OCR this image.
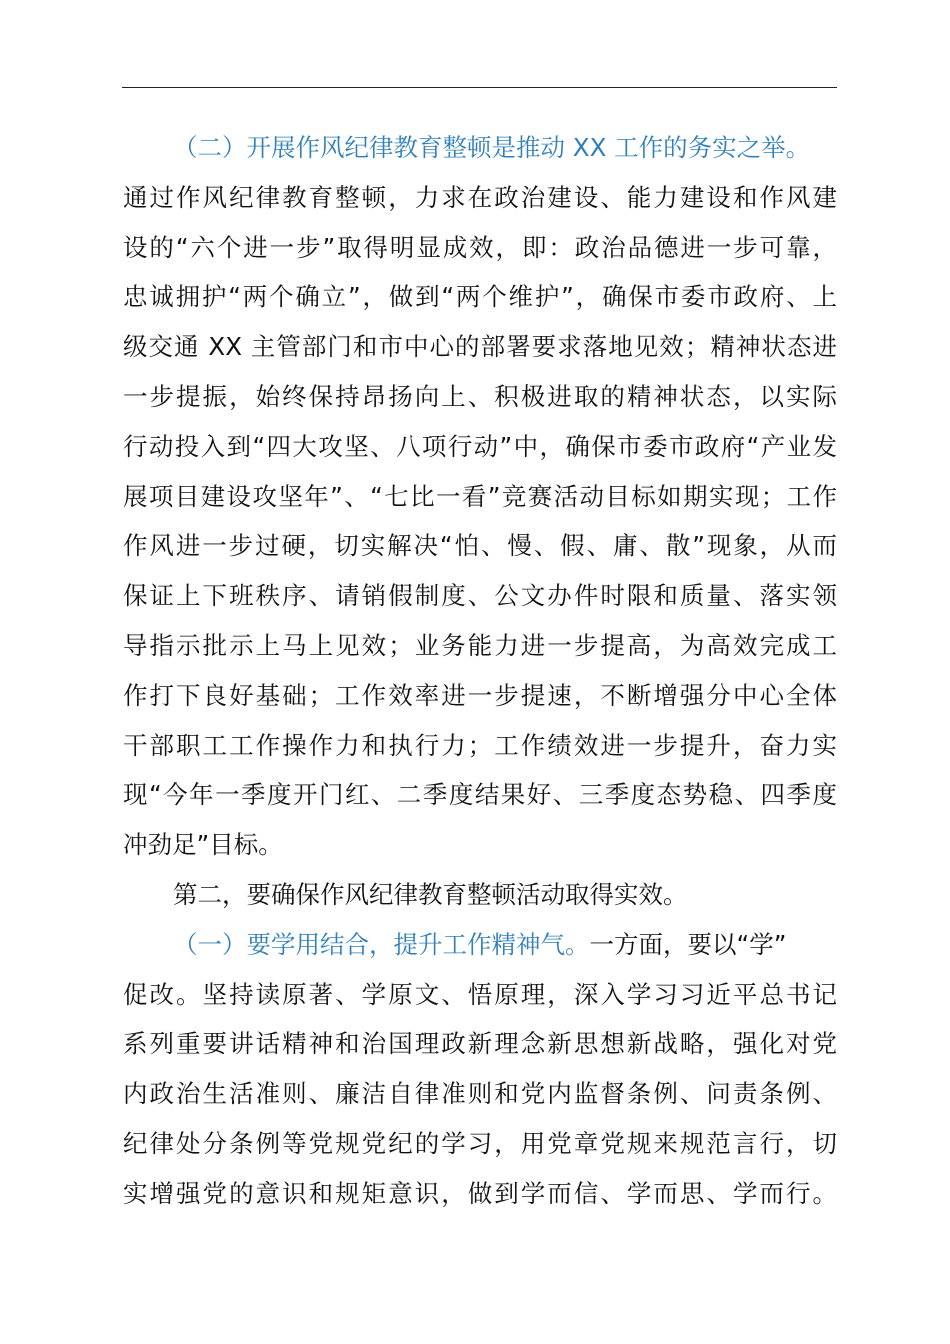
（二）开展作风纪律教育整顿是推动 XX 工作的务实之举。
通过作风纪律教育整顿，力求在政治建设、能力建设和作风建
设的“六个进一步”取得明显成效，即：政治品德进一步可靠，
忠诚拥护“两个确立”，做到“两个维护”，确保市委市政府、上
级交通 XX 主管部门和市中心的部署要求落地见效；精神状态进
一步提振，始终保持昂扬向上、积极进取的精神状态，以实际
行动投入到“四大攻坚、八项行动”中，确保市委市政府“产业发
展项目建设攻坚年”、“七比一看”竞赛活动目标如期实现；工作
作风进一步过硬，切实解决“怕、慢、假、庸、散”现象，从而
保证上下班秩序、请销假制度、公文办件时限和质量、落实领
导指示批示上马上见效；业务能力进一步提高，为高效完成工
作打下良好基础；工作效率进一步提速，不断增强分中心全体
干部职工工作操作力和执行力；工作绩效进一步提升，奋力实
现“今年一季度开门红、二季度结果好、三季度态势稳、四季度
冲劲足”目标。
第二，要确保作风纪律教育整顿活动取得实效。
（一）要学用结合，提升工作精神气。一方面，要以“学”
促改。坚持读原著、学原文、悟原理，深入学习习近平总书记
系列重要讲话精神和治国理政新理念新思想新战略，强化对党
内政治生活准则、廉洁自律准则和党内监督条例、问责条例、
纪律处分条例等党规党纪的学习，用党章党规来规范言行，切
实增强党的意识和规矩意识，做到学而信、学而思、学而行。
